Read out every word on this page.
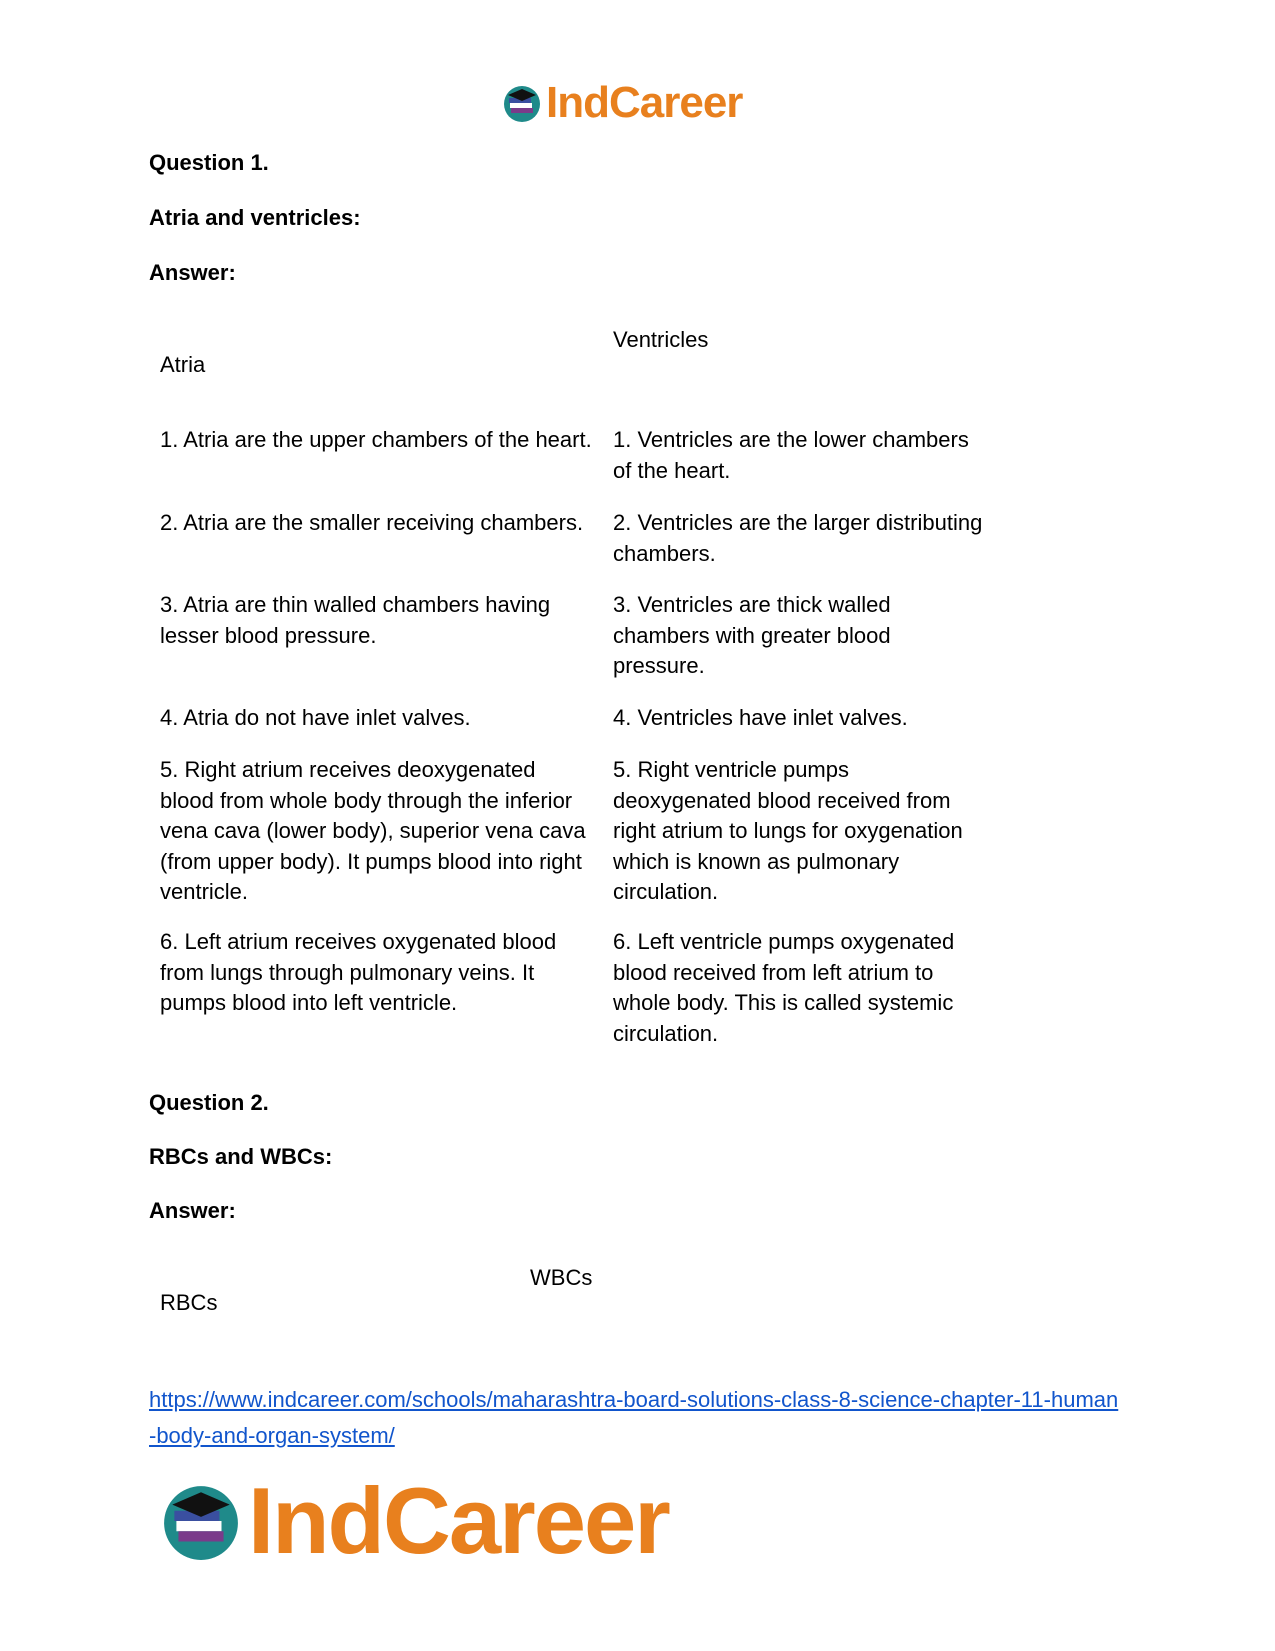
IndCareer
Question 1.
Atria and ventricles:
Answer:
Atria
Ventricles
1. Atria are the upper chambers of the heart. 1. Ventricles are the lower chambers of the heart.
2. Atria are the smaller receiving chambers.	2. Ventricles are the larger distributing chambers.
3. Atria are thin walled chambers having lesser blood pressure.
3. Ventricles are thick walled chambers with greater blood pressure.
4. Atria do not have inlet valves.	4. Ventricles have inlet valves.
5. Right atrium receives deoxygenated blood from whole body through the inferior vena cava (lower body), superior vena cava (from upper body). It pumps blood into right ventricle.
5. Right ventricle pumps deoxygenated blood received from right atrium to lungs for oxygenation which is known as pulmonary circulation.
6. Left atrium receives oxygenated blood from lungs through pulmonary veins. It pumps blood into left ventricle.
6. Left ventricle pumps oxygenated blood received from left atrium to whole body. This is called systemic circulation.
Question 2.
RBCs and WBCs:
Answer:
RBCs
WBCs
https://www.indcareer.com/schools/maharashtra-board-solutions-class-8-science-chapter-11-human-body-and-organ-system/
IndCareer
